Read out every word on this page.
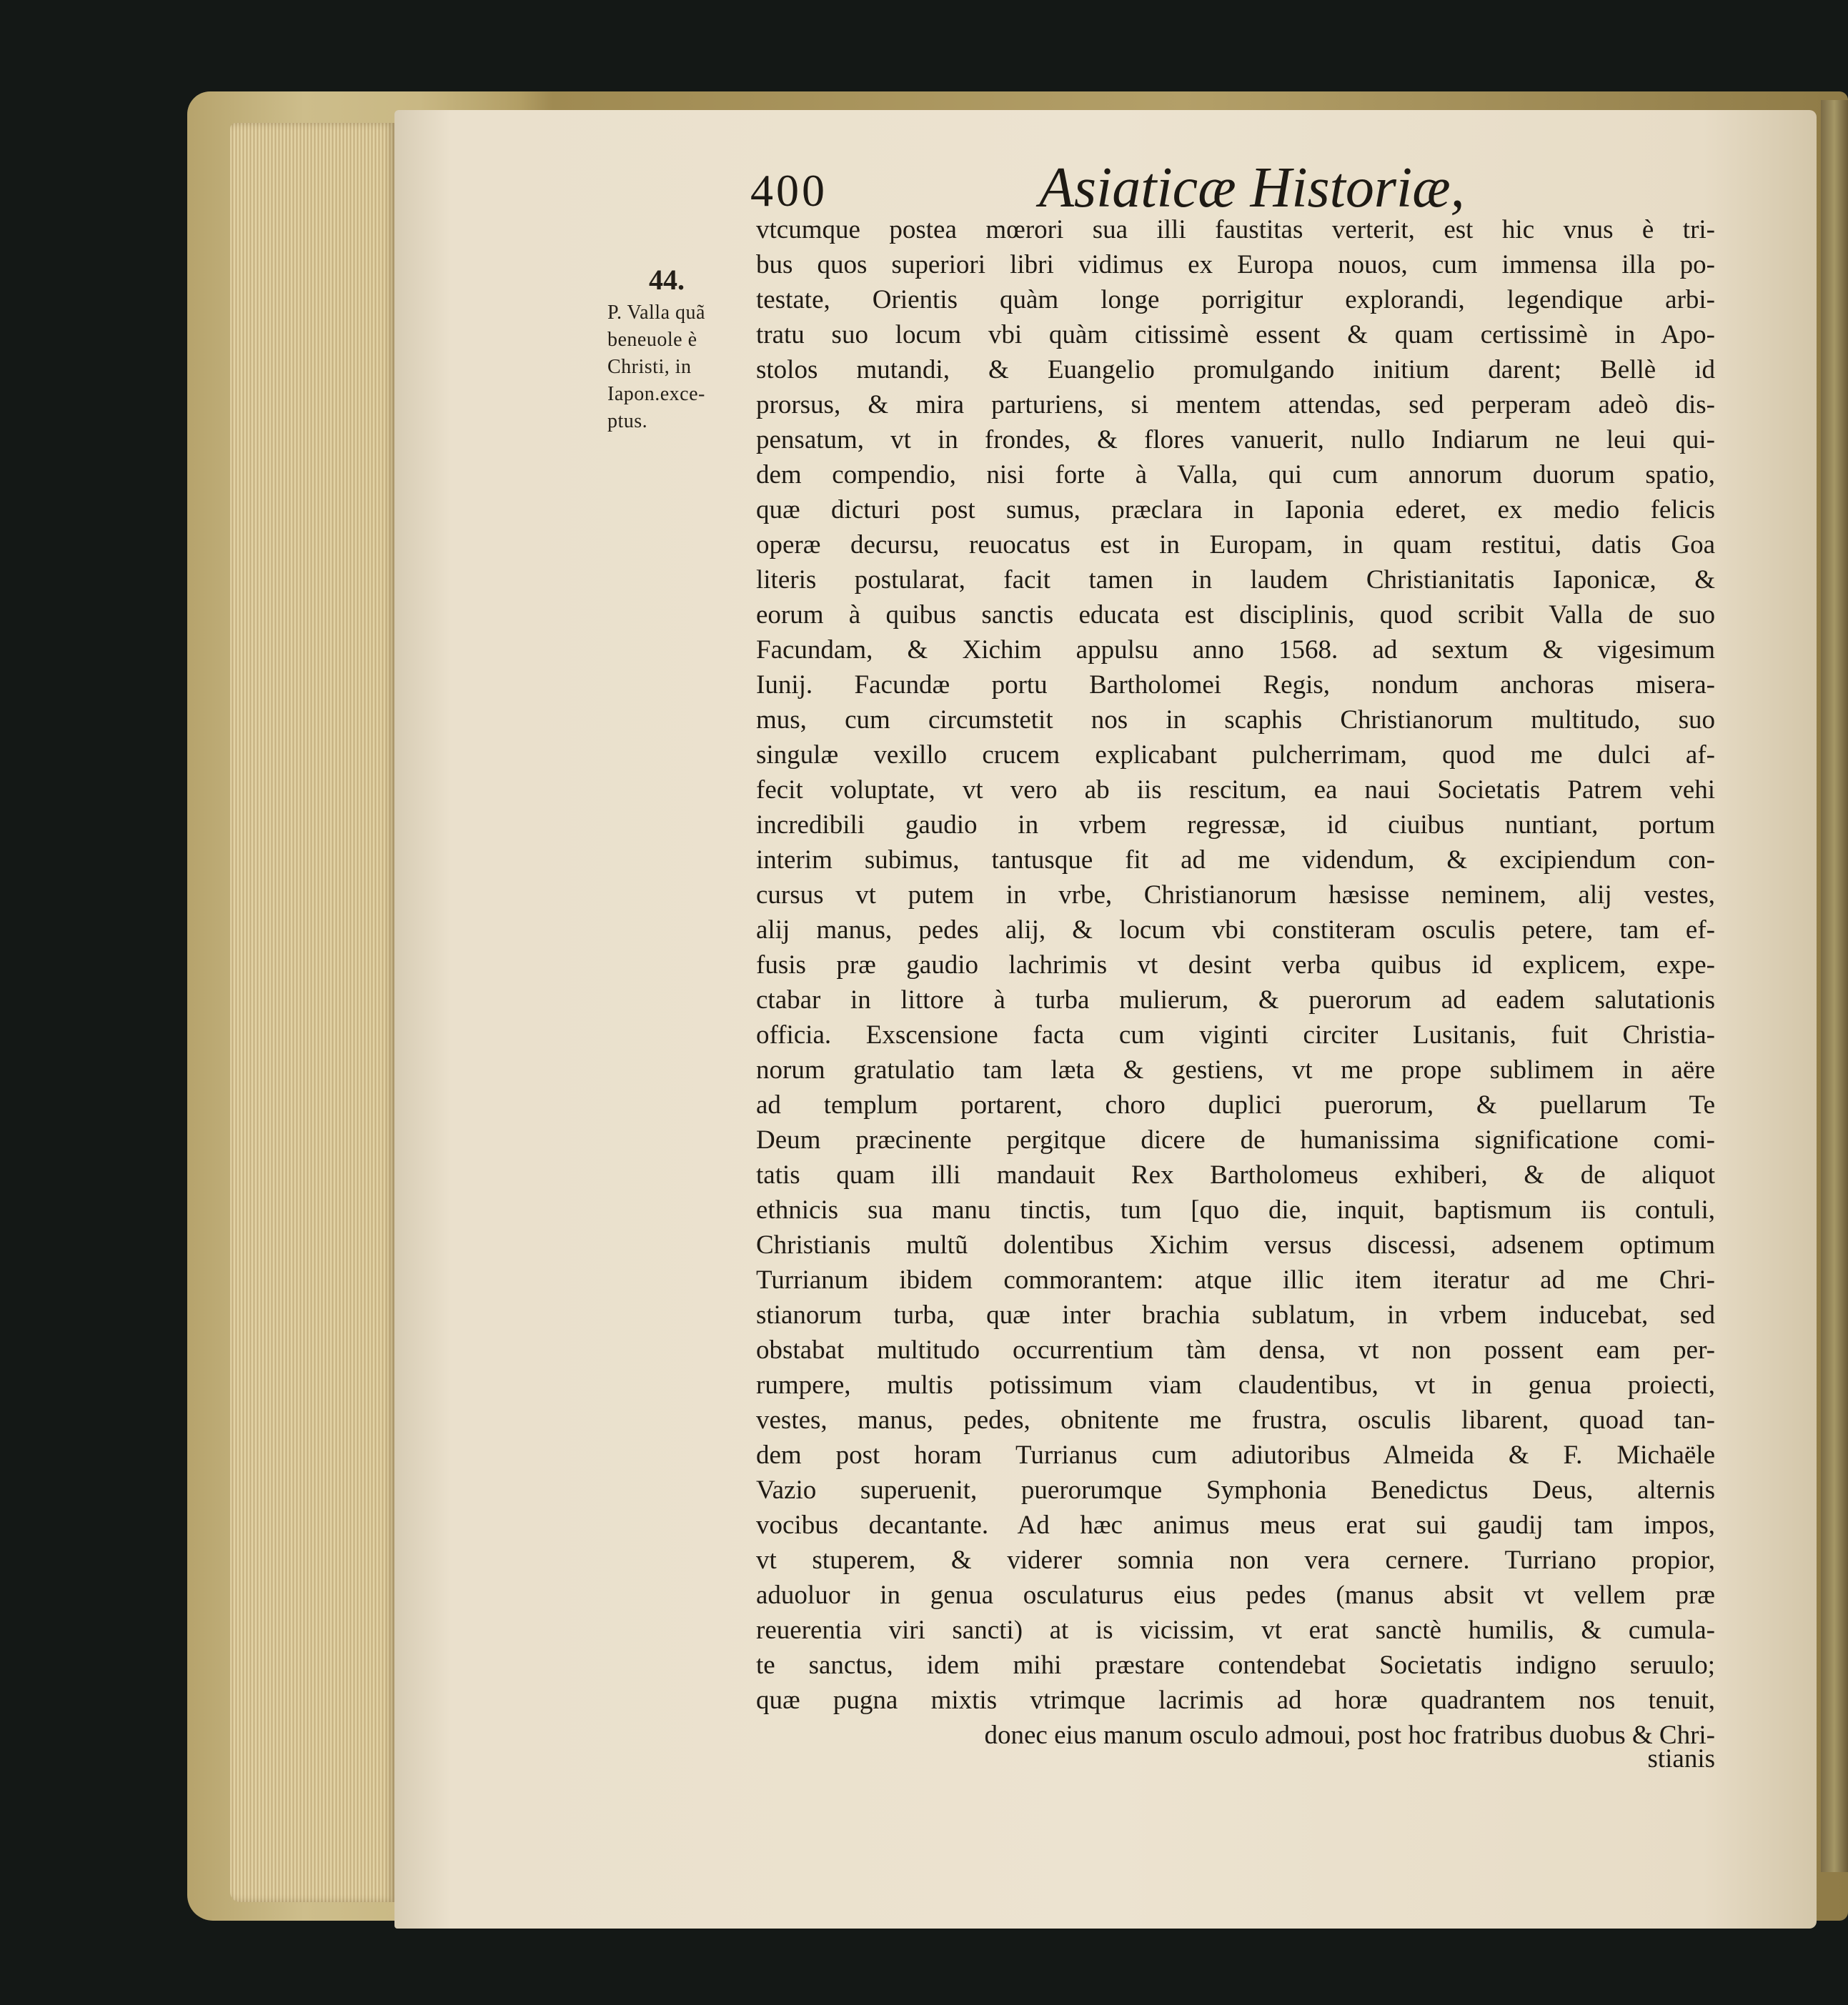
400	Asiaticæ Historiæ,
44.
P. Valla quã
beneuole è
Christi, in
Iapon.exce-
ptus.
vtcumque postea mœrori sua illi faustitas verterit, est hic vnus è tri-
bus quos superiori libri vidimus ex Europa nouos, cum immensa illa po-
testate, Orientis quàm longe porrigitur explorandi, legendique arbi-
tratu suo locum vbi quàm citissimè essent & quam certissimè in Apo-
stolos mutandi, & Euangelio promulgando initium darent; Bellè id
prorsus, & mira parturiens, si mentem attendas, sed perperam adeò dis-
pensatum, vt in frondes, & flores vanuerit, nullo Indiarum ne leui qui-
dem compendio, nisi forte à Valla, qui cum annorum duorum spatio,
quæ dicturi post sumus, præclara in Iaponia ederet, ex medio felicis
operæ decursu, reuocatus est in Europam, in quam restitui, datis Goa
literis postularat, facit tamen in laudem Christianitatis Iaponicæ, &
eorum à quibus sanctis educata est disciplinis, quod scribit Valla de suo
Facundam, & Xichim appulsu anno 1568. ad sextum & vigesimum
Iunij. Facundæ portu Bartholomei Regis, nondum anchoras misera-
mus, cum circumstetit nos in scaphis Christianorum multitudo, suo
singulæ vexillo crucem explicabant pulcherrimam, quod me dulci af-
fecit voluptate, vt vero ab iis rescitum, ea naui Societatis Patrem vehi
incredibili gaudio in vrbem regressæ, id ciuibus nuntiant, portum
interim subimus, tantusque fit ad me videndum, & excipiendum con-
cursus vt putem in vrbe, Christianorum hæsisse neminem, alij vestes,
alij manus, pedes alij, & locum vbi constiteram osculis petere, tam ef-
fusis præ gaudio lachrimis vt desint verba quibus id explicem, expe-
ctabar in littore à turba mulierum, & puerorum ad eadem salutationis
officia. Exscensione facta cum viginti circiter Lusitanis, fuit Christia-
norum gratulatio tam læta & gestiens, vt me prope sublimem in aëre
ad templum portarent, choro duplici puerorum, & puellarum Te
Deum præcinente pergitque dicere de humanissima significatione comi-
tatis quam illi mandauit Rex Bartholomeus exhiberi, & de aliquot
ethnicis sua manu tinctis, tum [quo die, inquit, baptismum iis contuli,
Christianis multũ dolentibus Xichim versus discessi, adsenem optimum
Turrianum ibidem commorantem: atque illic item iteratur ad me Chri-
stianorum turba, quæ inter brachia sublatum, in vrbem inducebat, sed
obstabat multitudo occurrentium tàm densa, vt non possent eam per-
rumpere, multis potissimum viam claudentibus, vt in genua proiecti,
vestes, manus, pedes, obnitente me frustra, osculis libarent, quoad tan-
dem post horam Turrianus cum adiutoribus Almeida & F. Michaële
Vazio superuenit, puerorumque Symphonia Benedictus Deus, alternis
vocibus decantante. Ad hæc animus meus erat sui gaudij tam impos,
vt stuperem, & viderer somnia non vera cernere. Turriano propior,
aduoluor in genua osculaturus eius pedes (manus absit vt vellem præ
reuerentia viri sancti) at is vicissim, vt erat sanctè humilis, & cumula-
te sanctus, idem mihi præstare contendebat Societatis indigno seruulo;
quæ pugna mixtis vtrimque lacrimis ad horæ quadrantem nos tenuit,
donec eius manum osculo admoui, post hoc fratribus duobus & Chri-
stianis
